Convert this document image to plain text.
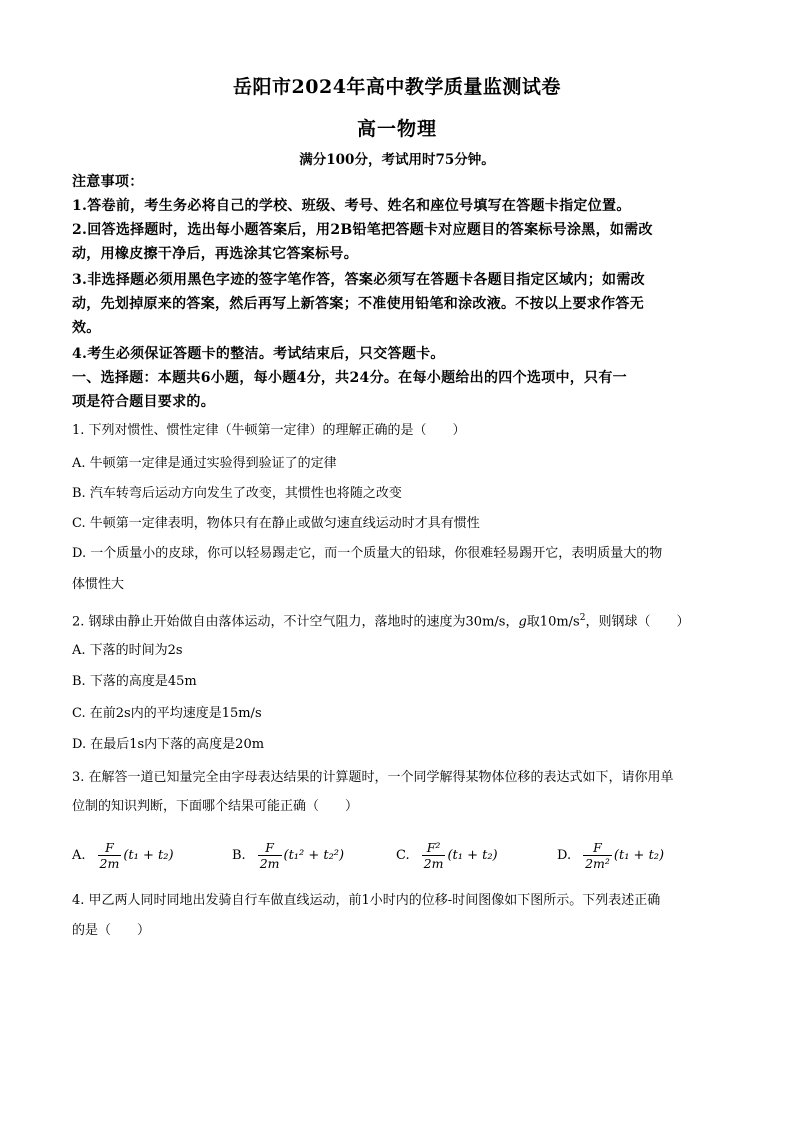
岳阳市2024年高中教学质量监测试卷
高一物理
满分100分，考试用时75分钟。
注意事项：
1.答卷前，考生务必将自己的学校、班级、考号、姓名和座位号填写在答题卡指定位置。
2.回答选择题时，选出每小题答案后，用2B铅笔把答题卡对应题目的答案标号涂黑，如需改
动，用橡皮擦干净后，再选涂其它答案标号。
3.非选择题必须用黑色字迹的签字笔作答，答案必须写在答题卡各题目指定区域内；如需改
动，先划掉原来的答案，然后再写上新答案；不准使用铅笔和涂改液。不按以上要求作答无
效。
4.考生必须保证答题卡的整洁。考试结束后，只交答题卡。
一、选择题：本题共6小题，每小题4分，共24分。在每小题给出的四个选项中，只有一
项是符合题目要求的。
1. 下列对惯性、惯性定律（牛顿第一定律）的理解正确的是（　　）
A. 牛顿第一定律是通过实验得到验证了的定律
B. 汽车转弯后运动方向发生了改变，其惯性也将随之改变
C. 牛顿第一定律表明，物体只有在静止或做匀速直线运动时才具有惯性
D. 一个质量小的皮球，你可以轻易踢走它，而一个质量大的铅球，你很难轻易踢开它，表明质量大的物
体惯性大
2. 钢球由静止开始做自由落体运动，不计空气阻力，落地时的速度为30m/s，g取$10m/s^2$，则钢球（　　）
A. 下落的时间为2s
B. 下落的高度是45m
C. 在前2s内的平均速度是15m/s
D. 在最后1s内下落的高度是20m
3. 在解答一道已知量完全由字母表达结果的计算题时，一个同学解得某物体位移的表达式如下，请你用单
位制的知识判断，下面哪个结果可能正确（　　）
A. $\frac{F}{2m} (t_1 + t_2)$	B. $\frac{F}{2m} (t_1^2 + t_2^2)$	C. $\frac{\text{F²}}{2m} (t_1 + t_2)$	D. $\frac{F}{\text{2m²}} (t_1 + t_2)$
4. 甲乙两人同时同地出发骑自行车做直线运动，前1小时内的位移-时间图像如下图所示。下列表述正确
的是（　　）
